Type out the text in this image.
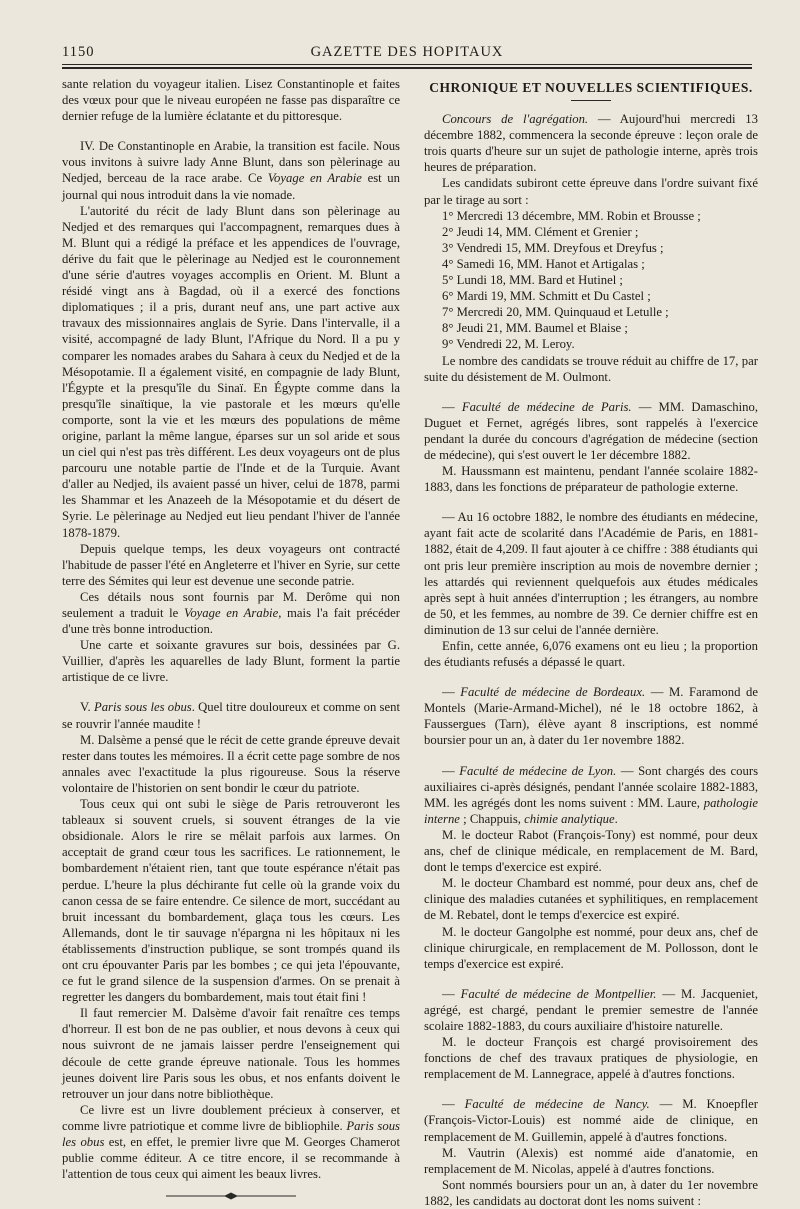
1150	GAZETTE DES HOPITAUX

sante relation du voyageur italien. Lisez Constantinople et faites des vœux pour que le niveau européen ne fasse pas disparaître ce dernier refuge de la lumière éclatante et du pittoresque.

IV. De Constantinople en Arabie, la transition est facile. Nous vous invitons à suivre lady Anne Blunt, dans son pèlerinage au Nedjed, berceau de la race arabe. Ce Voyage en Arabie est un journal qui nous introduit dans la vie nomade.

L'autorité du récit de lady Blunt dans son pèlerinage au Nedjed et des remarques qui l'accompagnent, remarques dues à M. Blunt qui a rédigé la préface et les appendices de l'ouvrage, dérive du fait que le pèlerinage au Nedjed est le couronnement d'une série d'autres voyages accomplis en Orient. M. Blunt a résidé vingt ans à Bagdad, où il a exercé des fonctions diplomatiques ; il a pris, durant neuf ans, une part active aux travaux des missionnaires anglais de Syrie. Dans l'intervalle, il a visité, accompagné de lady Blunt, l'Afrique du Nord. Il a pu y comparer les nomades arabes du Sahara à ceux du Nedjed et de la Mésopotamie. Il a également visité, en compagnie de lady Blunt, l'Égypte et la presqu'île du Sinaï. En Égypte comme dans la presqu'île sinaïtique, la vie pastorale et les mœurs qu'elle comporte, sont la vie et les mœurs des populations de même origine, parlant la même langue, éparses sur un sol aride et sous un ciel qui n'est pas très différent. Les deux voyageurs ont de plus parcouru une notable partie de l'Inde et de la Turquie. Avant d'aller au Nedjed, ils avaient passé un hiver, celui de 1878, parmi les Shammar et les Anazeeh de la Mésopotamie et du désert de Syrie. Le pèlerinage au Nedjed eut lieu pendant l'hiver de l'année 1878-1879.

Depuis quelque temps, les deux voyageurs ont contracté l'habitude de passer l'été en Angleterre et l'hiver en Syrie, sur cette terre des Sémites qui leur est devenue une seconde patrie.

Ces détails nous sont fournis par M. Derôme qui non seulement a traduit le Voyage en Arabie, mais l'a fait précéder d'une très bonne introduction.

Une carte et soixante gravures sur bois, dessinées par G. Vuillier, d'après les aquarelles de lady Blunt, forment la partie artistique de ce livre.

V. Paris sous les obus. Quel titre douloureux et comme on sent se rouvrir l'année maudite !

M. Dalsème a pensé que le récit de cette grande épreuve devait rester dans toutes les mémoires. Il a écrit cette page sombre de nos annales avec l'exactitude la plus rigoureuse. Sous la réserve volontaire de l'historien on sent bondir le cœur du patriote.

Tous ceux qui ont subi le siège de Paris retrouveront les tableaux si souvent cruels, si souvent étranges de la vie obsidionale. Alors le rire se mêlait parfois aux larmes. On acceptait de grand cœur tous les sacrifices. Le rationnement, le bombardement n'étaient rien, tant que toute espérance n'était pas perdue. L'heure la plus déchirante fut celle où la grande voix du canon cessa de se faire entendre. Ce silence de mort, succédant au bruit incessant du bombardement, glaça tous les cœurs. Les Allemands, dont le tir sauvage n'épargna ni les hôpitaux ni les établissements d'instruction publique, se sont trompés quand ils ont cru épouvanter Paris par les bombes ; ce qui jeta l'épouvante, ce fut le grand silence de la suspension d'armes. On se prenait à regretter les dangers du bombardement, mais tout était fini !

Il faut remercier M. Dalsème d'avoir fait renaître ces temps d'horreur. Il est bon de ne pas oublier, et nous devons à ceux qui nous suivront de ne jamais laisser perdre l'enseignement qui découle de cette grande épreuve nationale. Tous les hommes jeunes doivent lire Paris sous les obus, et nos enfants doivent le retrouver un jour dans notre bibliothèque.

Ce livre est un livre doublement précieux à conserver, et comme livre patriotique et comme livre de bibliophile. Paris sous les obus est, en effet, le premier livre que M. Georges Chamerot publie comme éditeur. A ce titre encore, il se recommande à l'attention de tous ceux qui aiment les beaux livres.

CHRONIQUE ET NOUVELLES SCIENTIFIQUES.

Concours de l'agrégation. — Aujourd'hui mercredi 13 décembre 1882, commencera la seconde épreuve : leçon orale de trois quarts d'heure sur un sujet de pathologie interne, après trois heures de préparation.

Les candidats subiront cette épreuve dans l'ordre suivant fixé par le tirage au sort :

1° Mercredi 13 décembre, MM. Robin et Brousse ;

2° Jeudi 14, MM. Clément et Grenier ;

3° Vendredi 15, MM. Dreyfous et Dreyfus ;

4° Samedi 16, MM. Hanot et Artigalas ;

5° Lundi 18, MM. Bard et Hutinel ;

6° Mardi 19, MM. Schmitt et Du Castel ;

7° Mercredi 20, MM. Quinquaud et Letulle ;

8° Jeudi 21, MM. Baumel et Blaise ;

9° Vendredi 22, M. Leroy.

Le nombre des candidats se trouve réduit au chiffre de 17, par suite du désistement de M. Oulmont.

— Faculté de médecine de Paris. — MM. Damaschino, Duguet et Fernet, agrégés libres, sont rappelés à l'exercice pendant la durée du concours d'agrégation de médecine (section de médecine), qui s'est ouvert le 1er décembre 1882.

M. Haussmann est maintenu, pendant l'année scolaire 1882-1883, dans les fonctions de préparateur de pathologie externe.

— Au 16 octobre 1882, le nombre des étudiants en médecine, ayant fait acte de scolarité dans l'Académie de Paris, en 1881-1882, était de 4,209. Il faut ajouter à ce chiffre : 388 étudiants qui ont pris leur première inscription au mois de novembre dernier ; les attardés qui reviennent quelquefois aux études médicales après sept à huit années d'interruption ; les étrangers, au nombre de 50, et les femmes, au nombre de 39. Ce dernier chiffre est en diminution de 13 sur celui de l'année dernière.

Enfin, cette année, 6,076 examens ont eu lieu ; la proportion des étudiants refusés a dépassé le quart.

— Faculté de médecine de Bordeaux. — M. Faramond de Montels (Marie-Armand-Michel), né le 18 octobre 1862, à Faussergues (Tarn), élève ayant 8 inscriptions, est nommé boursier pour un an, à dater du 1er novembre 1882.

— Faculté de médecine de Lyon. — Sont chargés des cours auxiliaires ci-après désignés, pendant l'année scolaire 1882-1883, MM. les agrégés dont les noms suivent : MM. Laure, pathologie interne ; Chappuis, chimie analytique.

M. le docteur Rabot (François-Tony) est nommé, pour deux ans, chef de clinique médicale, en remplacement de M. Bard, dont le temps d'exercice est expiré.

M. le docteur Chambard est nommé, pour deux ans, chef de clinique des maladies cutanées et syphilitiques, en remplacement de M. Rebatel, dont le temps d'exercice est expiré.

M. le docteur Gangolphe est nommé, pour deux ans, chef de clinique chirurgicale, en remplacement de M. Pollosson, dont le temps d'exercice est expiré.

— Faculté de médecine de Montpellier. — M. Jacqueniet, agrégé, est chargé, pendant le premier semestre de l'année scolaire 1882-1883, du cours auxiliaire d'histoire naturelle.

M. le docteur François est chargé provisoirement des fonctions de chef des travaux pratiques de physiologie, en remplacement de M. Lannegrace, appelé à d'autres fonctions.

— Faculté de médecine de Nancy. — M. Knoepfler (François-Victor-Louis) est nommé aide de clinique, en remplacement de M. Guillemin, appelé à d'autres fonctions.

M. Vautrin (Alexis) est nommé aide d'anatomie, en remplacement de M. Nicolas, appelé à d'autres fonctions.

Sont nommés boursiers pour un an, à dater du 1er novembre 1882, les candidats au doctorat dont les noms suivent :
